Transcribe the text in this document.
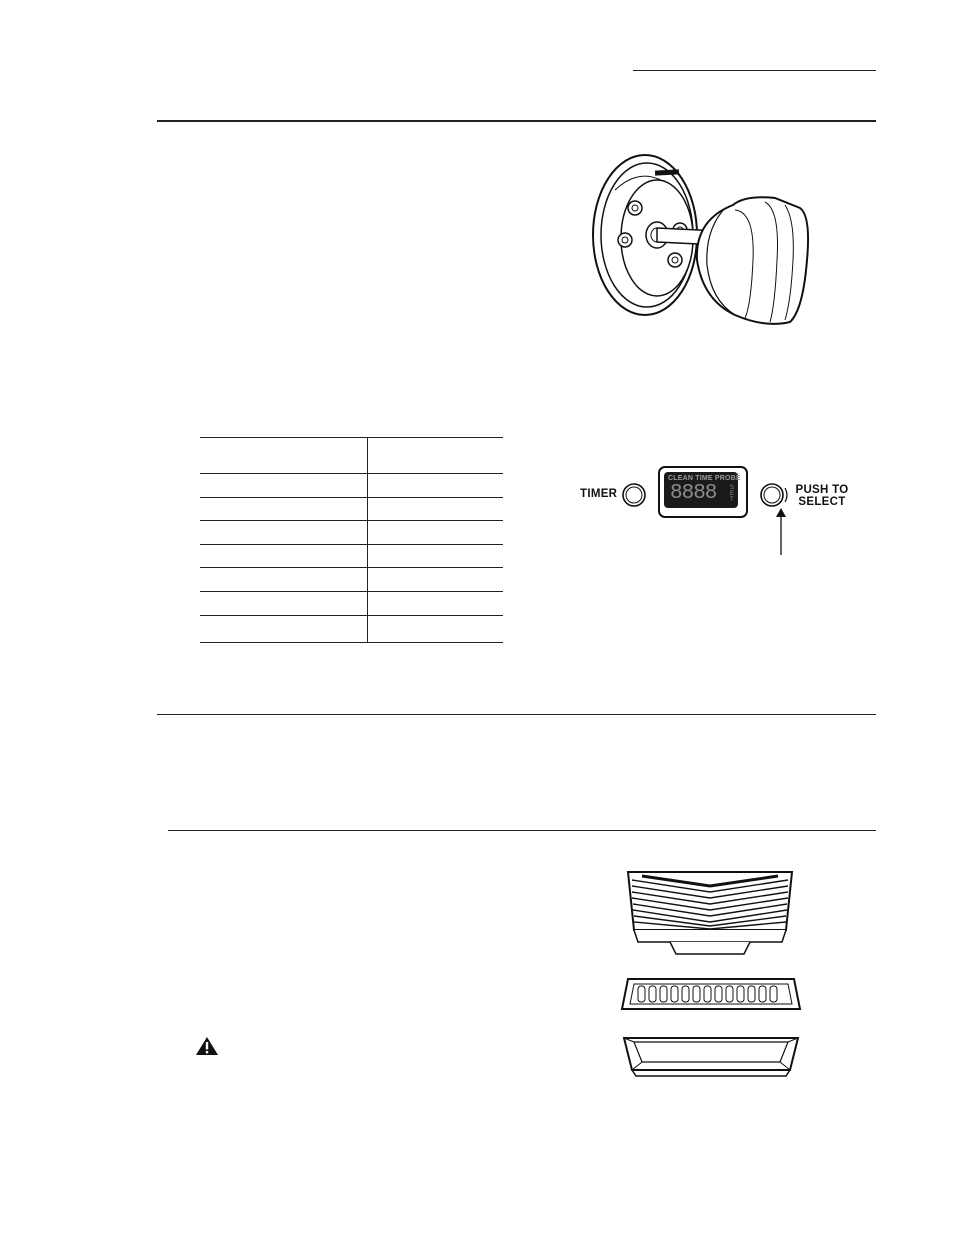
TIMER
CLEAN TIME PROBE
8888 SET
PUSH TO
SELECT
